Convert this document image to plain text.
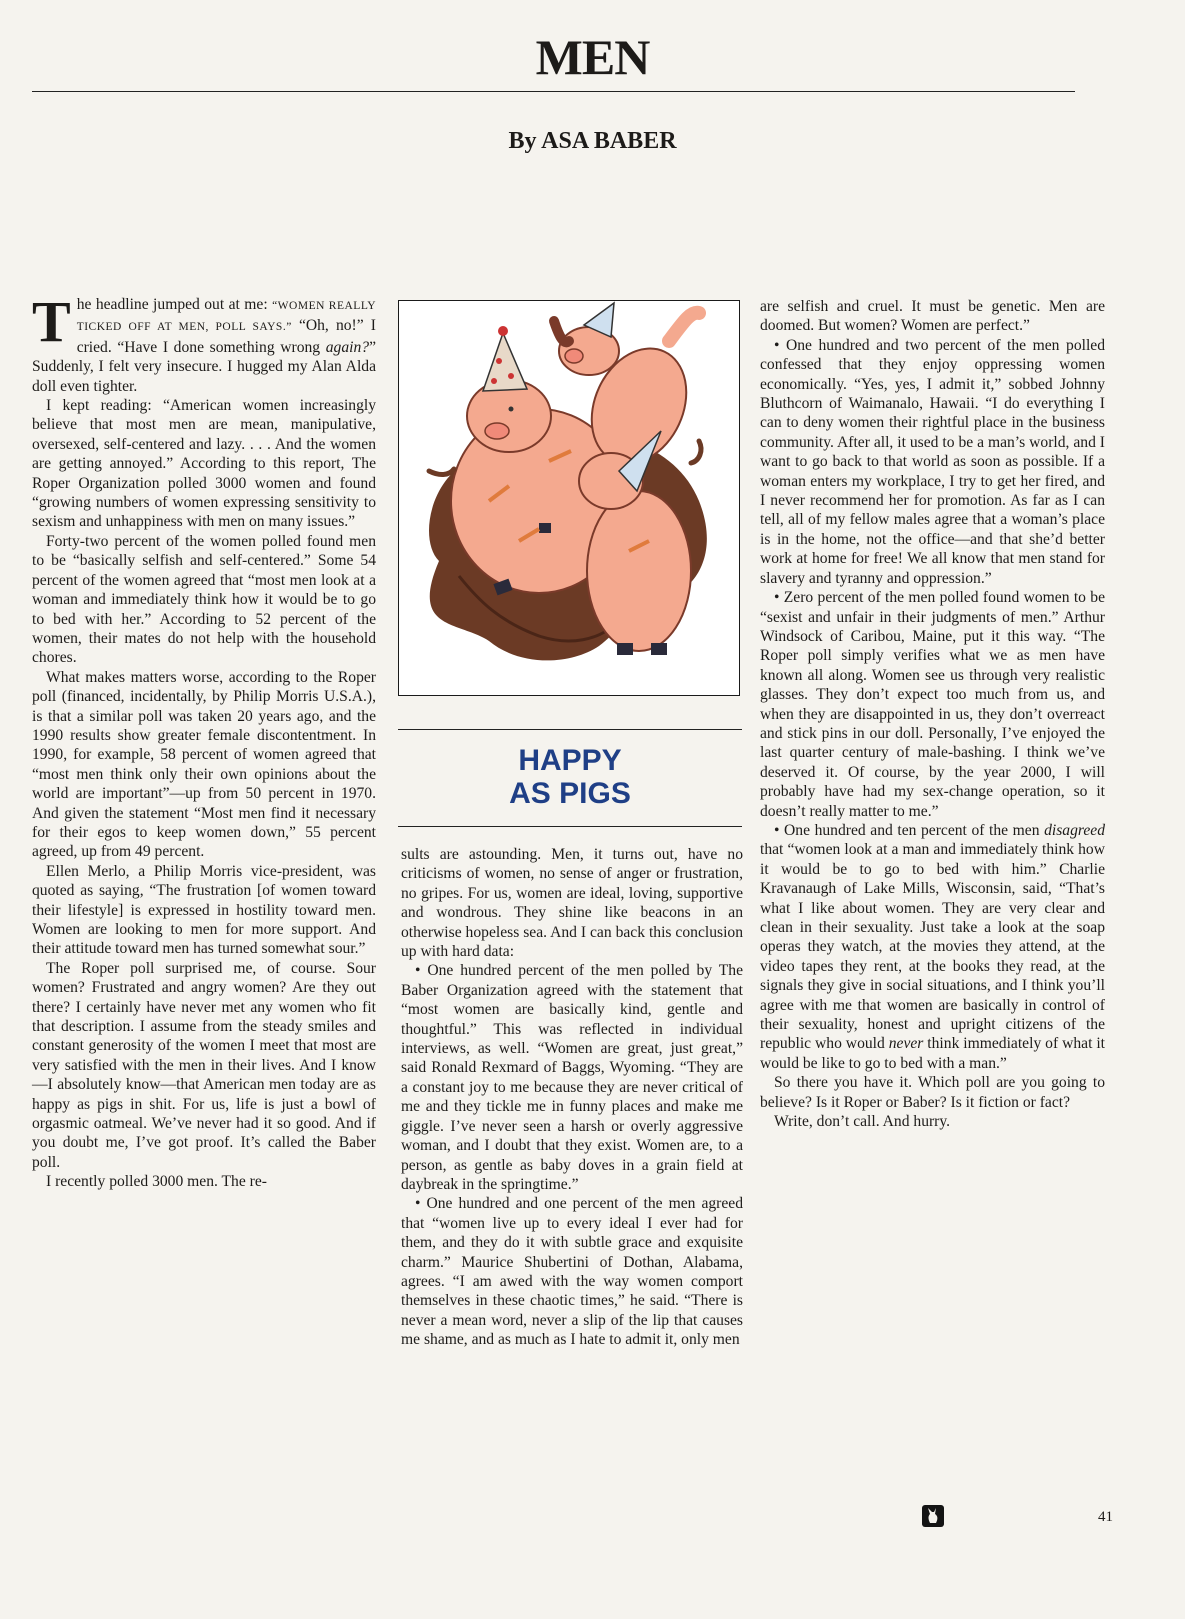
MEN
By ASA BABER

The headline jumped out at me: “WOMEN REALLY TICKED OFF AT MEN, POLL SAYS.” “Oh, no!” I cried. “Have I done something wrong again?” Suddenly, I felt very insecure. I hugged my Alan Alda doll even tighter.

I kept reading: “American women increasingly believe that most men are mean, manipulative, oversexed, self-centered and lazy. . . . And the women are getting annoyed.” According to this report, The Roper Organization polled 3000 women and found “growing numbers of women expressing sensitivity to sexism and unhappiness with men on many issues.”

Forty-two percent of the women polled found men to be “basically selfish and self-centered.” Some 54 percent of the women agreed that “most men look at a woman and immediately think how it would be to go to bed with her.” According to 52 percent of the women, their mates do not help with the household chores.

What makes matters worse, according to the Roper poll (financed, incidentally, by Philip Morris U.S.A.), is that a similar poll was taken 20 years ago, and the 1990 results show greater female discontentment. In 1990, for example, 58 percent of women agreed that “most men think only their own opinions about the world are important”—up from 50 percent in 1970. And given the statement “Most men find it necessary for their egos to keep women down,” 55 percent agreed, up from 49 percent.

Ellen Merlo, a Philip Morris vice-president, was quoted as saying, “The frustration [of women toward their lifestyle] is expressed in hostility toward men. Women are looking to men for more support. And their attitude toward men has turned somewhat sour.”

The Roper poll surprised me, of course. Sour women? Frustrated and angry women? Are they out there? I certainly have never met any women who fit that description. I assume from the steady smiles and constant generosity of the women I meet that most are very satisfied with the men in their lives. And I know—I absolutely know—that American men today are as happy as pigs in shit. For us, life is just a bowl of orgasmic oatmeal. We’ve never had it so good. And if you doubt me, I’ve got proof. It’s called the Baber poll.

I recently polled 3000 men. The re-

HAPPY
AS PIGS

sults are astounding. Men, it turns out, have no criticisms of women, no sense of anger or frustration, no gripes. For us, women are ideal, loving, supportive and wondrous. They shine like beacons in an otherwise hopeless sea. And I can back this conclusion up with hard data:

• One hundred percent of the men polled by The Baber Organization agreed with the statement that “most women are basically kind, gentle and thoughtful.” This was reflected in individual interviews, as well. “Women are great, just great,” said Ronald Rexmard of Baggs, Wyoming. “They are a constant joy to me because they are never critical of me and they tickle me in funny places and make me giggle. I’ve never seen a harsh or overly aggressive woman, and I doubt that they exist. Women are, to a person, as gentle as baby doves in a grain field at daybreak in the springtime.”

• One hundred and one percent of the men agreed that “women live up to every ideal I ever had for them, and they do it with subtle grace and exquisite charm.” Maurice Shubertini of Dothan, Alabama, agrees. “I am awed with the way women comport themselves in these chaotic times,” he said. “There is never a mean word, never a slip of the lip that causes me shame, and as much as I hate to admit it, only men

are selfish and cruel. It must be genetic. Men are doomed. But women? Women are perfect.”

• One hundred and two percent of the men polled confessed that they enjoy oppressing women economically. “Yes, yes, I admit it,” sobbed Johnny Bluthcorn of Waimanalo, Hawaii. “I do everything I can to deny women their rightful place in the business community. After all, it used to be a man’s world, and I want to go back to that world as soon as possible. If a woman enters my workplace, I try to get her fired, and I never recommend her for promotion. As far as I can tell, all of my fellow males agree that a woman’s place is in the home, not the office—and that she’d better work at home for free! We all know that men stand for slavery and tyranny and oppression.”

• Zero percent of the men polled found women to be “sexist and unfair in their judgments of men.” Arthur Windsock of Caribou, Maine, put it this way. “The Roper poll simply verifies what we as men have known all along. Women see us through very realistic glasses. They don’t expect too much from us, and when they are disappointed in us, they don’t overreact and stick pins in our doll. Personally, I’ve enjoyed the last quarter century of male-bashing. I think we’ve deserved it. Of course, by the year 2000, I will probably have had my sex-change operation, so it doesn’t really matter to me.”

• One hundred and ten percent of the men disagreed that “women look at a man and immediately think how it would be to go to bed with him.” Charlie Kravanaugh of Lake Mills, Wisconsin, said, “That’s what I like about women. They are very clear and clean in their sexuality. Just take a look at the soap operas they watch, at the movies they attend, at the video tapes they rent, at the books they read, at the signals they give in social situations, and I think you’ll agree with me that women are basically in control of their sexuality, honest and upright citizens of the republic who would never think immediately of what it would be like to go to bed with a man.”

So there you have it. Which poll are you going to believe? Is it Roper or Baber? Is it fiction or fact?

Write, don’t call. And hurry.

41
